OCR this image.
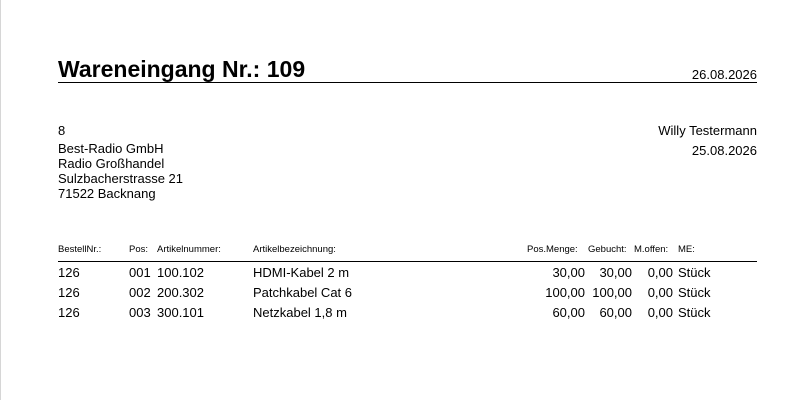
Wareneingang Nr.: 109	26.08.2026
8
Best-Radio GmbH
Radio Großhandel
Sulzbacherstrasse 21
71522 Backnang
Willy Testermann
25.08.2026
BestellNr.:	Pos: Artikelnummer:	Artikelbezeichnung:	Pos.Menge: Gebucht: M.offen: ME:
126	001 100.102	HDMI-Kabel 2 m	30,00 30,00 0,00 Stück
126	002 200.302	Patchkabel Cat 6	100,00 100,00 0,00 Stück
126	003 300.101	Netzkabel 1,8 m	60,00 60,00 0,00 Stück
